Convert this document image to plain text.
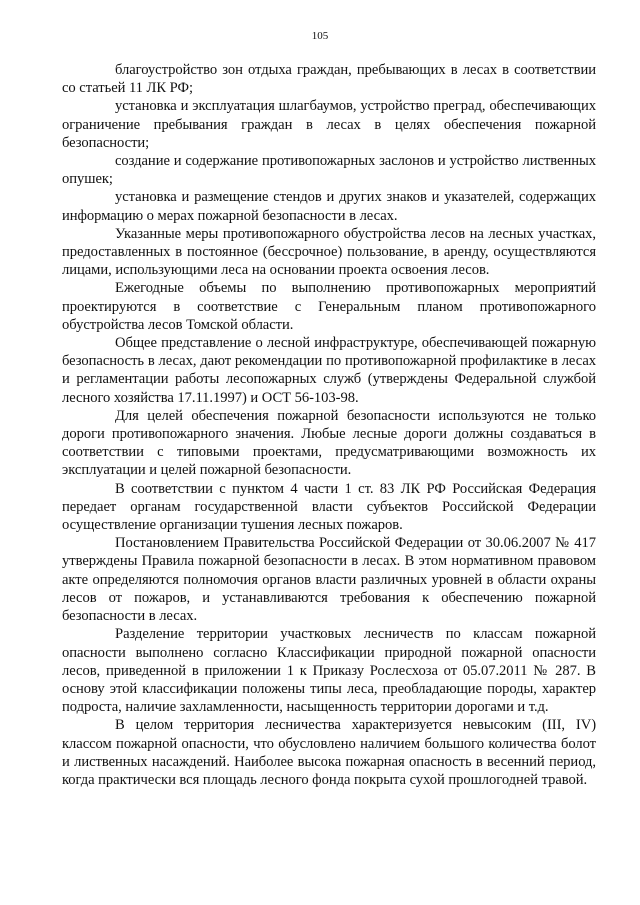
105

благоустройство зон отдыха граждан, пребывающих в лесах в соответствии со статьей 11 ЛК РФ;

установка и эксплуатация шлагбаумов, устройство преград, обеспечивающих ограничение пребывания граждан в лесах в целях обеспечения пожарной безопасности;

создание и содержание противопожарных заслонов и устройство лиственных опушек;

установка и размещение стендов и других знаков и указателей, содержащих информацию о мерах пожарной безопасности в лесах.

Указанные меры противопожарного обустройства лесов на лесных участках, предоставленных в постоянное (бессрочное) пользование, в аренду, осуществляются лицами, использующими леса на основании проекта освоения лесов.

Ежегодные объемы по выполнению противопожарных мероприятий проектируются в соответствие с Генеральным планом противопожарного обустройства лесов Томской области.

Общее представление о лесной инфраструктуре, обеспечивающей пожарную безопасность в лесах, дают рекомендации по противопожарной профилактике в лесах и регламентации работы лесопожарных служб (утверждены Федеральной службой лесного хозяйства 17.11.1997) и ОСТ 56-103-98.

Для целей обеспечения пожарной безопасности используются не только дороги противопожарного значения. Любые лесные дороги должны создаваться в соответствии с типовыми проектами, предусматривающими возможность их эксплуатации и целей пожарной безопасности.

В соответствии с пунктом 4 части 1 ст. 83 ЛК РФ Российская Федерация передает органам государственной власти субъектов Российской Федерации осуществление организации тушения лесных пожаров.

Постановлением Правительства Российской Федерации от 30.06.2007 № 417 утверждены Правила пожарной безопасности в лесах. В этом нормативном правовом акте определяются полномочия органов власти различных уровней в области охраны лесов от пожаров, и устанавливаются требования к обеспечению пожарной безопасности в лесах.

Разделение территории участковых лесничеств по классам пожарной опасности выполнено согласно Классификации природной пожарной опасности лесов, приведенной в приложении 1 к Приказу Рослесхоза от 05.07.2011 № 287. В основу этой классификации положены типы леса, преобладающие породы, характер подроста, наличие захламленности, насыщенность территории дорогами и т.д.

В целом территория лесничества характеризуется невысоким (III, IV) классом пожарной опасности, что обусловлено наличием большого количества болот и лиственных насаждений. Наиболее высока пожарная опасность в весенний период, когда практически вся площадь лесного фонда покрыта сухой прошлогодней травой.
